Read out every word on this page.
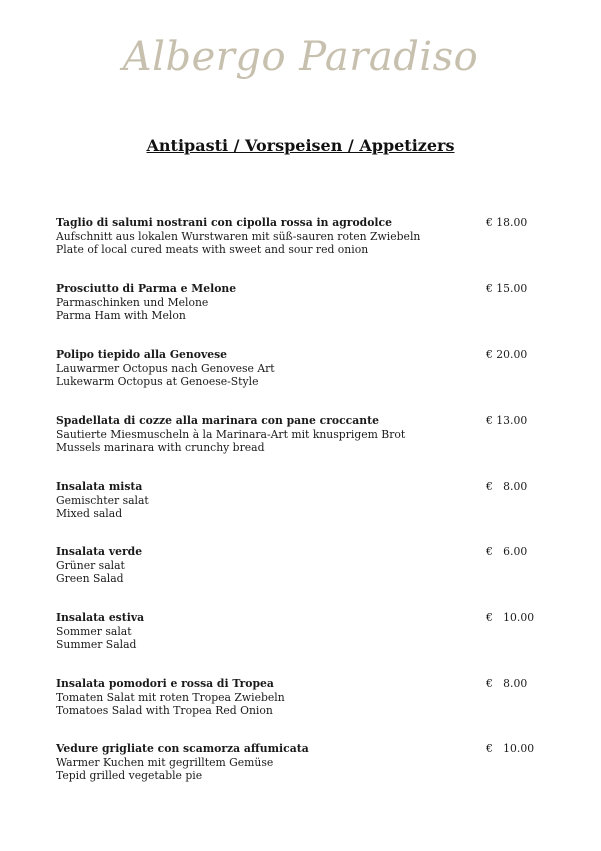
Albergo Paradiso
Antipasti / Vorspeisen / Appetizers
Taglio di salumi nostrani con cipolla rossa in agrodolce
Aufschnitt aus lokalen Wurstwaren mit süß-sauren roten Zwiebeln
Plate of local cured meats with sweet and sour red onion
€ 18.00
Prosciutto di Parma e Melone
Parmaschinken und Melone
Parma Ham with Melon
€ 15.00
Polipo tiepido alla Genovese
Lauwarmer Octopus nach Genovese Art
Lukewarm Octopus at Genoese-Style
€ 20.00
Spadellata di cozze alla marinara con pane croccante
Sautierte Miesmuscheln à la Marinara-Art mit knusprigem Brot
Mussels marinara with crunchy bread
€ 13.00
Insalata mista
Gemischter salat
Mixed salad
€   8.00
Insalata verde
Grüner salat
Green Salad
€   6.00
Insalata estiva
Sommer salat
Summer Salad
€   10.00
Insalata pomodori e rossa di Tropea
Tomaten Salat mit roten Tropea Zwiebeln
Tomatoes Salad with Tropea Red Onion
€   8.00
Vedure grigliate con scamorza affumicata
Warmer Kuchen mit gegrilltem Gemüse
Tepid grilled vegetable pie
€   10.00
